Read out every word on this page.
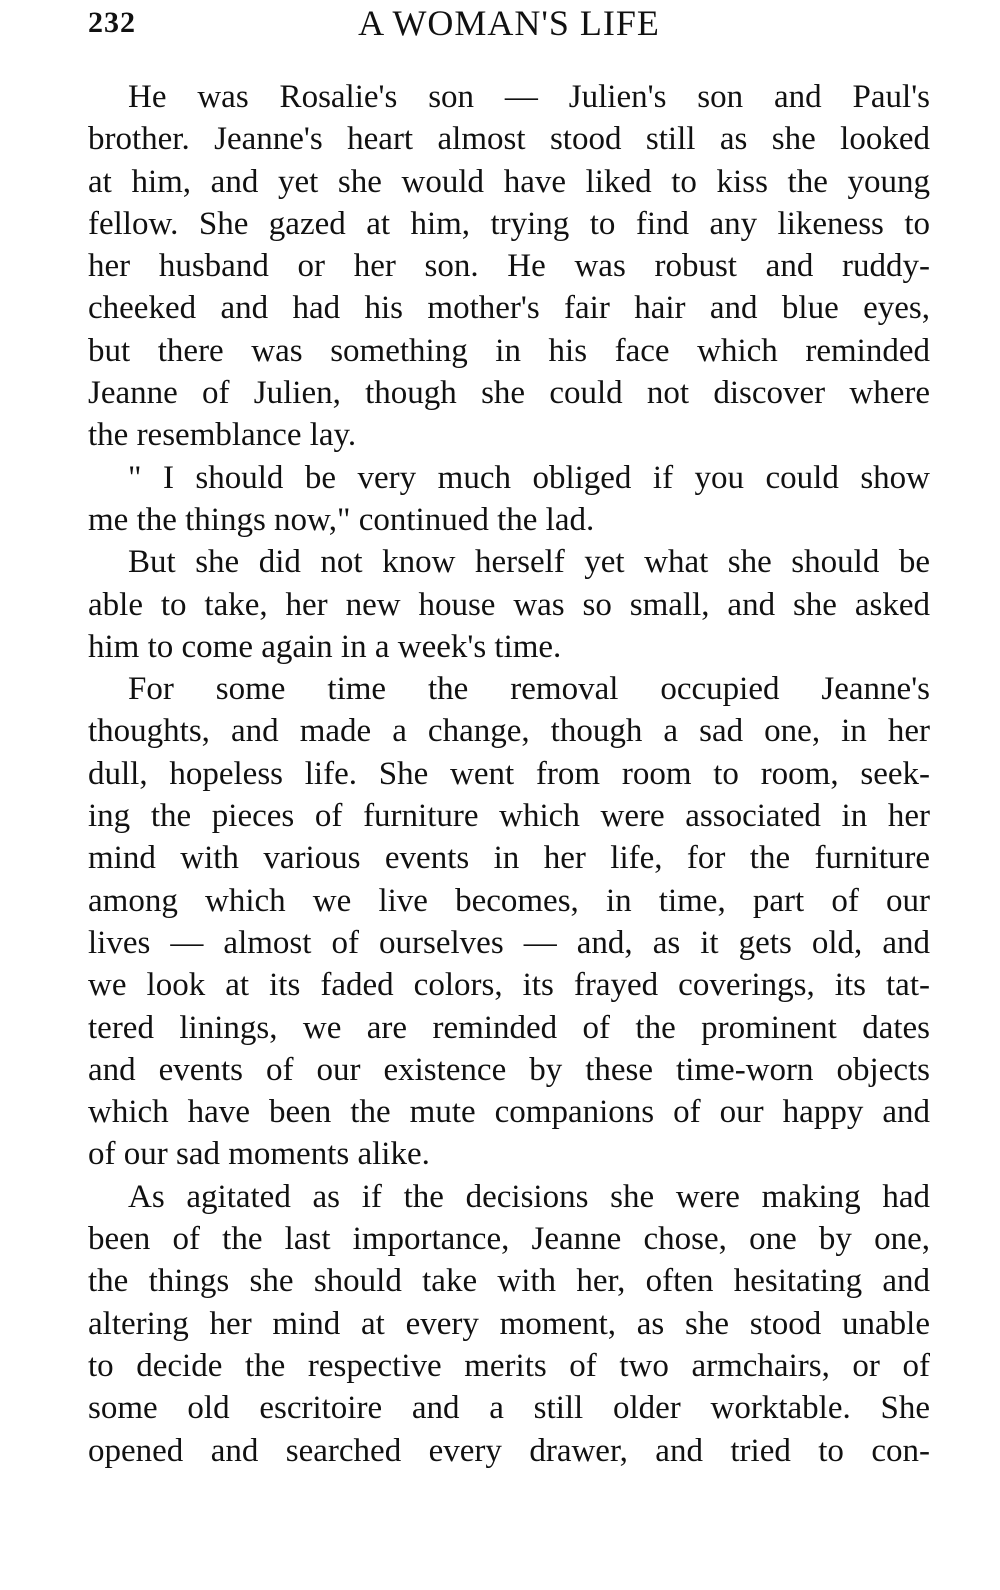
232	A WOMAN'S LIFE
He was Rosalie's son — Julien's son and Paul's
brother. Jeanne's heart almost stood still as she looked
at him, and yet she would have liked to kiss the young
fellow. She gazed at him, trying to find any likeness to
her husband or her son. He was robust and ruddy-
cheeked and had his mother's fair hair and blue eyes,
but there was something in his face which reminded
Jeanne of Julien, though she could not discover where
the resemblance lay.
" I should be very much obliged if you could show
me the things now," continued the lad.
But she did not know herself yet what she should be
able to take, her new house was so small, and she asked
him to come again in a week's time.
For some time the removal occupied Jeanne's
thoughts, and made a change, though a sad one, in her
dull, hopeless life. She went from room to room, seek-
ing the pieces of furniture which were associated in her
mind with various events in her life, for the furniture
among which we live becomes, in time, part of our
lives — almost of ourselves — and, as it gets old, and
we look at its faded colors, its frayed coverings, its tat-
tered linings, we are reminded of the prominent dates
and events of our existence by these time-worn objects
which have been the mute companions of our happy and
of our sad moments alike.
As agitated as if the decisions she were making had
been of the last importance, Jeanne chose, one by one,
the things she should take with her, often hesitating and
altering her mind at every moment, as she stood unable
to decide the respective merits of two armchairs, or of
some old escritoire and a still older worktable. She
opened and searched every drawer, and tried to con-
